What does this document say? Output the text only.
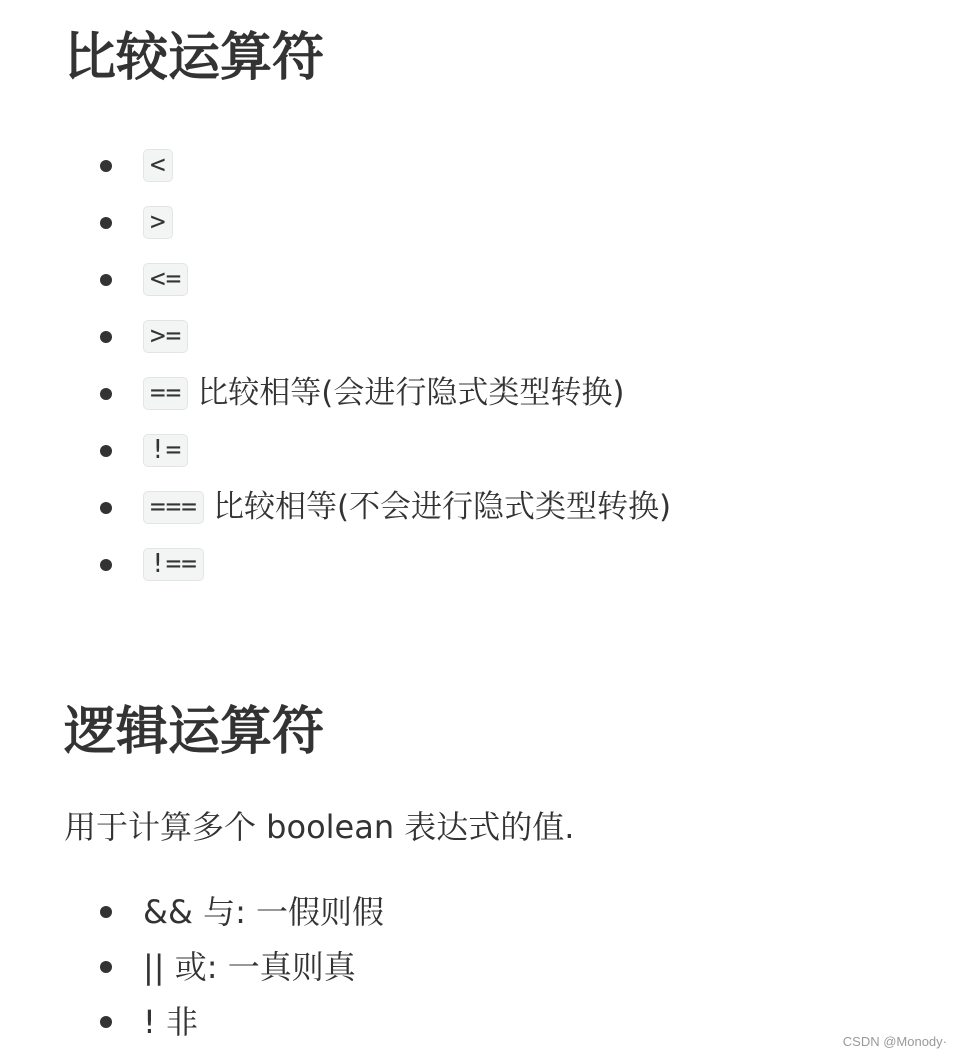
比较运算符
<
>
<=
>=
== 比较相等(会进行隐式类型转换)
!=
=== 比较相等(不会进行隐式类型转换)
!==
逻辑运算符

用于计算多个 boolean 表达式的值.

&& 与: 一假则假
|| 或: 一真则真
! 非
CSDN @Monody·
